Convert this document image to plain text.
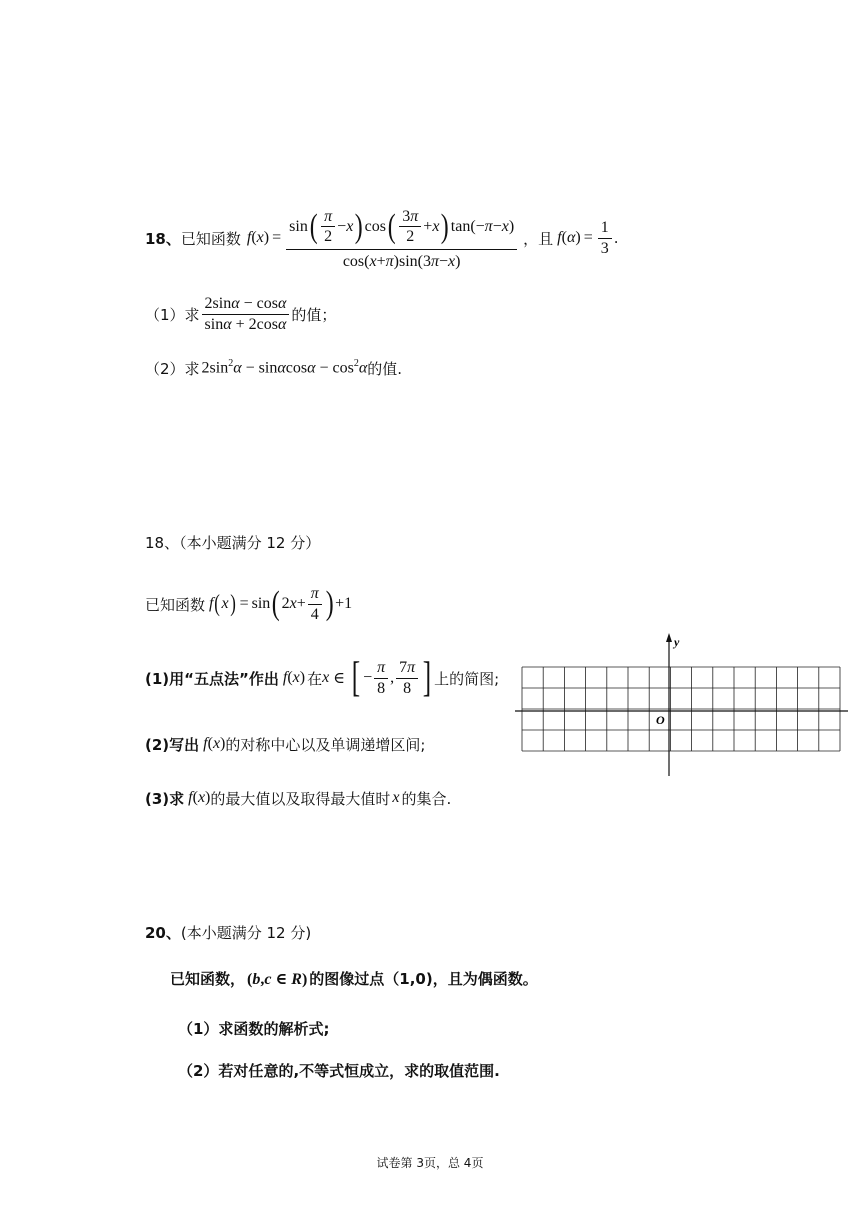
18、 已知函数 f ( x ) =
sin ( $\frac{\pi}{2} - x$ ) cos ( $\frac{3\pi}{2} + x$ ) tan(− π − x )
cos( x + π )sin(3 π − x )
，且 f ( α ) = $\frac{1}{3}$ .
（1）求 $\frac{2\sin\alpha - \cos\alpha}{\sin\alpha + 2\cos\alpha}$ 的值；
（2）求 $2\sin^2\alpha - \sin\alpha\cos\alpha - \cos^2\alpha$ 的值.
18、（本小题满分 12 分）
已知函数 f ( x ) = sin ( 2 $x + \frac{\pi}{4}$ ) +1
(1)用“五点法”作出 f(x) 在 x ∈ [ − $\frac{\pi}{8}$ , $\frac{7\pi}{8}$ ] 上的简图;
(2)写出 f(x) 的对称中心以及单调递增区间;
(3)求 f(x) 的最大值以及取得最大值时 x 的集合.
y
O
20、 (本小题满分 12 分)
已知函数， (b,c ∈ R) 的图像过点（1,0)，且为偶函数。
（1）求函数的解析式;
（2）若对任意的,不等式恒成立，求的取值范围.
试卷第 3页，总 4页
